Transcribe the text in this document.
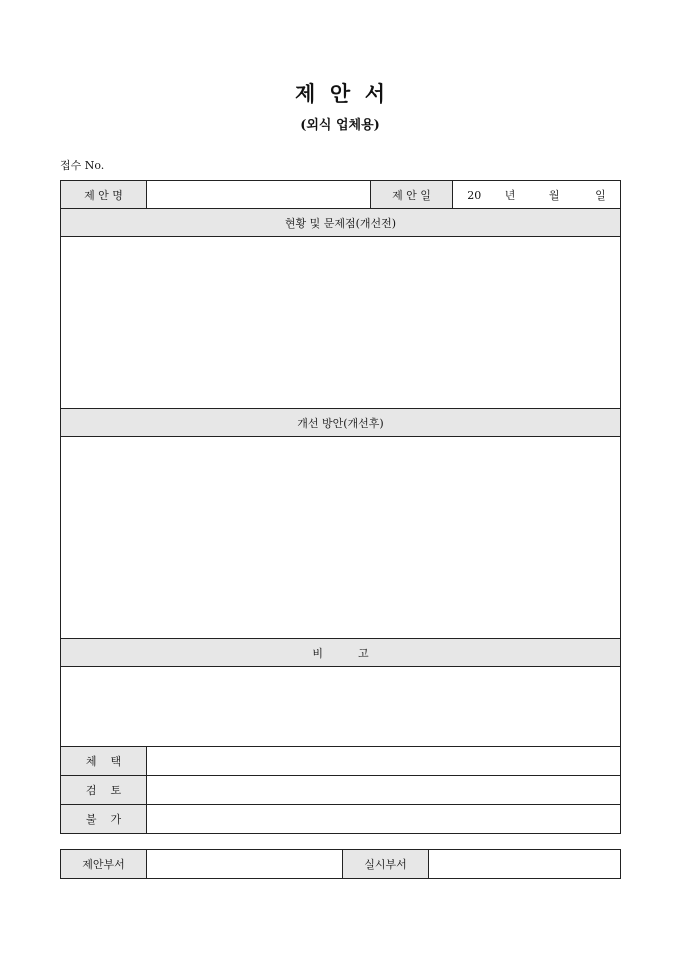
제  안  서
(외식 업체용)
접수 No.
제 안 명		제 안 일	20 년 월 일
현황 및 문제점(개선전)			

개선 방안(개선후)			

비          고			

체    택			
검    토			
불    가			
제안부서		실시부서	
